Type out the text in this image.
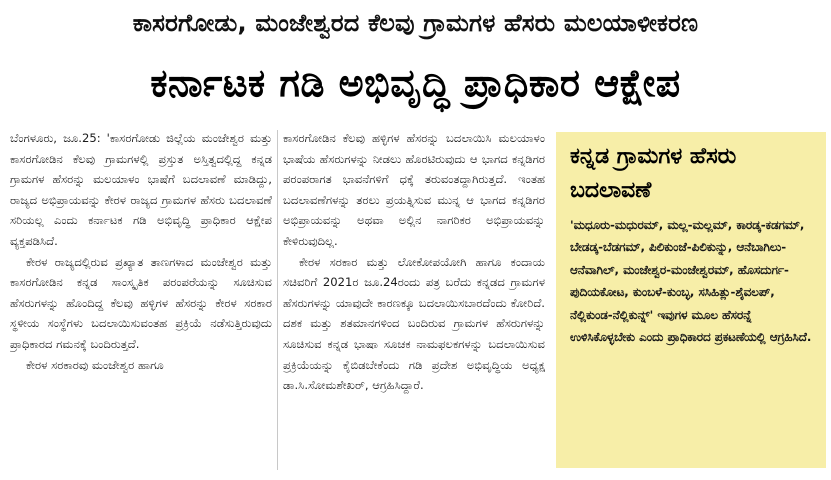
ಕಾಸರಗೋಡು, ಮಂಜೇಶ್ವರದ ಕೆಲವು ಗ್ರಾಮಗಳ ಹೆಸರು ಮಲಯಾಳೀಕರಣ
ಕರ್ನಾಟಕ ಗಡಿ ಅಭಿವೃದ್ಧಿ ಪ್ರಾಧಿಕಾರ ಆಕ್ಷೇಪ

ಬೆಂಗಳೂರು, ಜೂ.25: 'ಕಾಸರಗೋಡು ಜಿಲ್ಲೆಯ ಮಂಜೇಶ್ವರ ಮತ್ತು ಕಾಸರಗೋಡಿನ ಕೆಲವು ಗ್ರಾಮಗಳಲ್ಲಿ ಪ್ರಸ್ತುತ ಅಸ್ತಿತ್ವದಲ್ಲಿದ್ದ ಕನ್ನಡ ಗ್ರಾಮಗಳ ಹೆಸರನ್ನು ಮಲಯಾಳಂ ಭಾಷೆಗೆ ಬದಲಾವಣೆ ಮಾಡಿದ್ದು, ರಾಜ್ಯದ ಅಭಿಪ್ರಾಯವನ್ನು ಕೇರಳ ರಾಜ್ಯದ ಗ್ರಾಮಗಳ ಹೆಸರು ಬದಲಾವಣೆ ಸರಿಯಲ್ಲ ಎಂದು ಕರ್ನಾಟಕ ಗಡಿ ಅಭಿವೃದ್ಧಿ ಪ್ರಾಧಿಕಾರ ಆಕ್ಷೇಪ ವ್ಯಕ್ತಪಡಿಸಿದೆ.

ಕೇರಳ ರಾಜ್ಯದಲ್ಲಿರುವ ಪ್ರಖ್ಯಾತ ತಾಣಗಳಾದ ಮಂಜೇಶ್ವರ ಮತ್ತು ಕಾಸರಗೋಡಿನ ಕನ್ನಡ ಸಾಂಸ್ಕೃತಿಕ ಪರಂಪರೆಯನ್ನು ಸೂಚಿಸುವ ಹೆಸರುಗಳನ್ನು ಹೊಂದಿದ್ದ ಕೆಲವು ಹಳ್ಳಿಗಳ ಹೆಸರನ್ನು ಕೇರಳ ಸರಕಾರ ಸ್ಥಳೀಯ ಸಂಸ್ಥೆಗಳು ಬದಲಾಯಿಸುವಂತಹ ಪ್ರಕ್ರಿಯೆ ನಡೆಸುತ್ತಿರುವುದು ಪ್ರಾಧಿಕಾರದ ಗಮನಕ್ಕೆ ಬಂದಿರುತ್ತದೆ.

ಕೇರಳ ಸರಕಾರವು ಮಂಜೇಶ್ವರ ಹಾಗೂ

ಕಾಸರಗೋಡಿನ ಕೆಲವು ಹಳ್ಳಿಗಳ ಹೆಸರನ್ನು ಬದಲಾಯಿಸಿ ಮಲಯಾಳಂ ಭಾಷೆಯ ಹೆಸರುಗಳನ್ನು ನೀಡಲು ಹೊರಟಿರುವುದು ಆ ಭಾಗದ ಕನ್ನಡಿಗರ ಪರಂಪರಾಗತ ಭಾವನೆಗಳಿಗೆ ಧಕ್ಕೆ ತರುವಂತದ್ದಾಗಿರುತ್ತದೆ. ಇಂತಹ ಬದಲಾವಣೆಗಳನ್ನು ತರಲು ಪ್ರಯತ್ನಿಸುವ ಮುನ್ನ ಆ ಭಾಗದ ಕನ್ನಡಿಗರ ಅಭಿಪ್ರಾಯವನ್ನು ಅಥವಾ ಅಲ್ಲಿನ ನಾಗರಿಕರ ಅಭಿಪ್ರಾಯವನ್ನು ಕೇಳಿರುವುದಿಲ್ಲ.

ಕೇರಳ ಸರಕಾರ ಮತ್ತು ಲೋಕೋಪಯೋಗಿ ಹಾಗೂ ಕಂದಾಯ ಸಚಿವರಿಗೆ 2021ರ ಜೂ.24ರಂದು ಪತ್ರ ಬರೆದು ಕನ್ನಡದ ಗ್ರಾಮಗಳ ಹೆಸರುಗಳನ್ನು ಯಾವುದೇ ಕಾರಣಕ್ಕೂ ಬದಲಾಯಿಸಬಾರದೆಂದು ಕೋರಿದೆ. ದಶಕ ಮತ್ತು ಶತಮಾನಗಳಿಂದ ಬಂದಿರುವ ಗ್ರಾಮಗಳ ಹೆಸರುಗಳನ್ನು ಸೂಚಿಸುವ ಕನ್ನಡ ಭಾಷಾ ಸೂಚಕ ನಾಮಫಲಕಗಳನ್ನು ಬದಲಾಯಿಸುವ ಪ್ರಕ್ರಿಯೆಯನ್ನು ಕೈಬಿಡಬೇಕೆಂದು ಗಡಿ ಪ್ರದೇಶ ಅಭಿವೃದ್ಧಿಯ ಅಧ್ಯಕ್ಷ ಡಾ.ಸಿ.ಸೋಮಶೇಖರ್, ಆಗ್ರಹಿಸಿದ್ದಾರೆ.

ಕನ್ನಡ ಗ್ರಾಮಗಳ ಹೆಸರು ಬದಲಾವಣೆ
'ಮಧೂರು-ಮಧುರಮ್, ಮಲ್ಲ-ಮಲ್ಲಮ್, ಕಾರಡ್ಕ-ಕಡಗಮ್, ಬೇಡಡ್ಕ-ಬೆಡಗಮ್, ಪಿಲಿಕುಂಜೆ-ಪಿಲಿಕುನ್ನು, ಆನೆಬಾಗಿಲು-ಆನೆವಾಗಿಲ್, ಮಂಜೇಶ್ವರ-ಮಂಜೇಶ್ವರಮ್, ಹೊಸದುರ್ಗ-ಪುದಿಯಕೋಟ, ಕುಂಬಳೆ-ಕುಂಬ್ಳ, ಸಸಿಹಿತ್ಲು-ಶೈವಲಪ್, ನೆಲ್ಲಿಕುಂಡ-ನೆಲ್ಲಿಕುನ್ನ್' ಇವುಗಳ ಮೂಲ ಹೆಸರನ್ನೆ ಉಳಿಸಿಕೊಳ್ಳಬೇಕು ಎಂದು ಪ್ರಾಧಿಕಾರದ ಪ್ರಕಟಣೆಯಲ್ಲಿ ಆಗ್ರಹಿಸಿದೆ.
